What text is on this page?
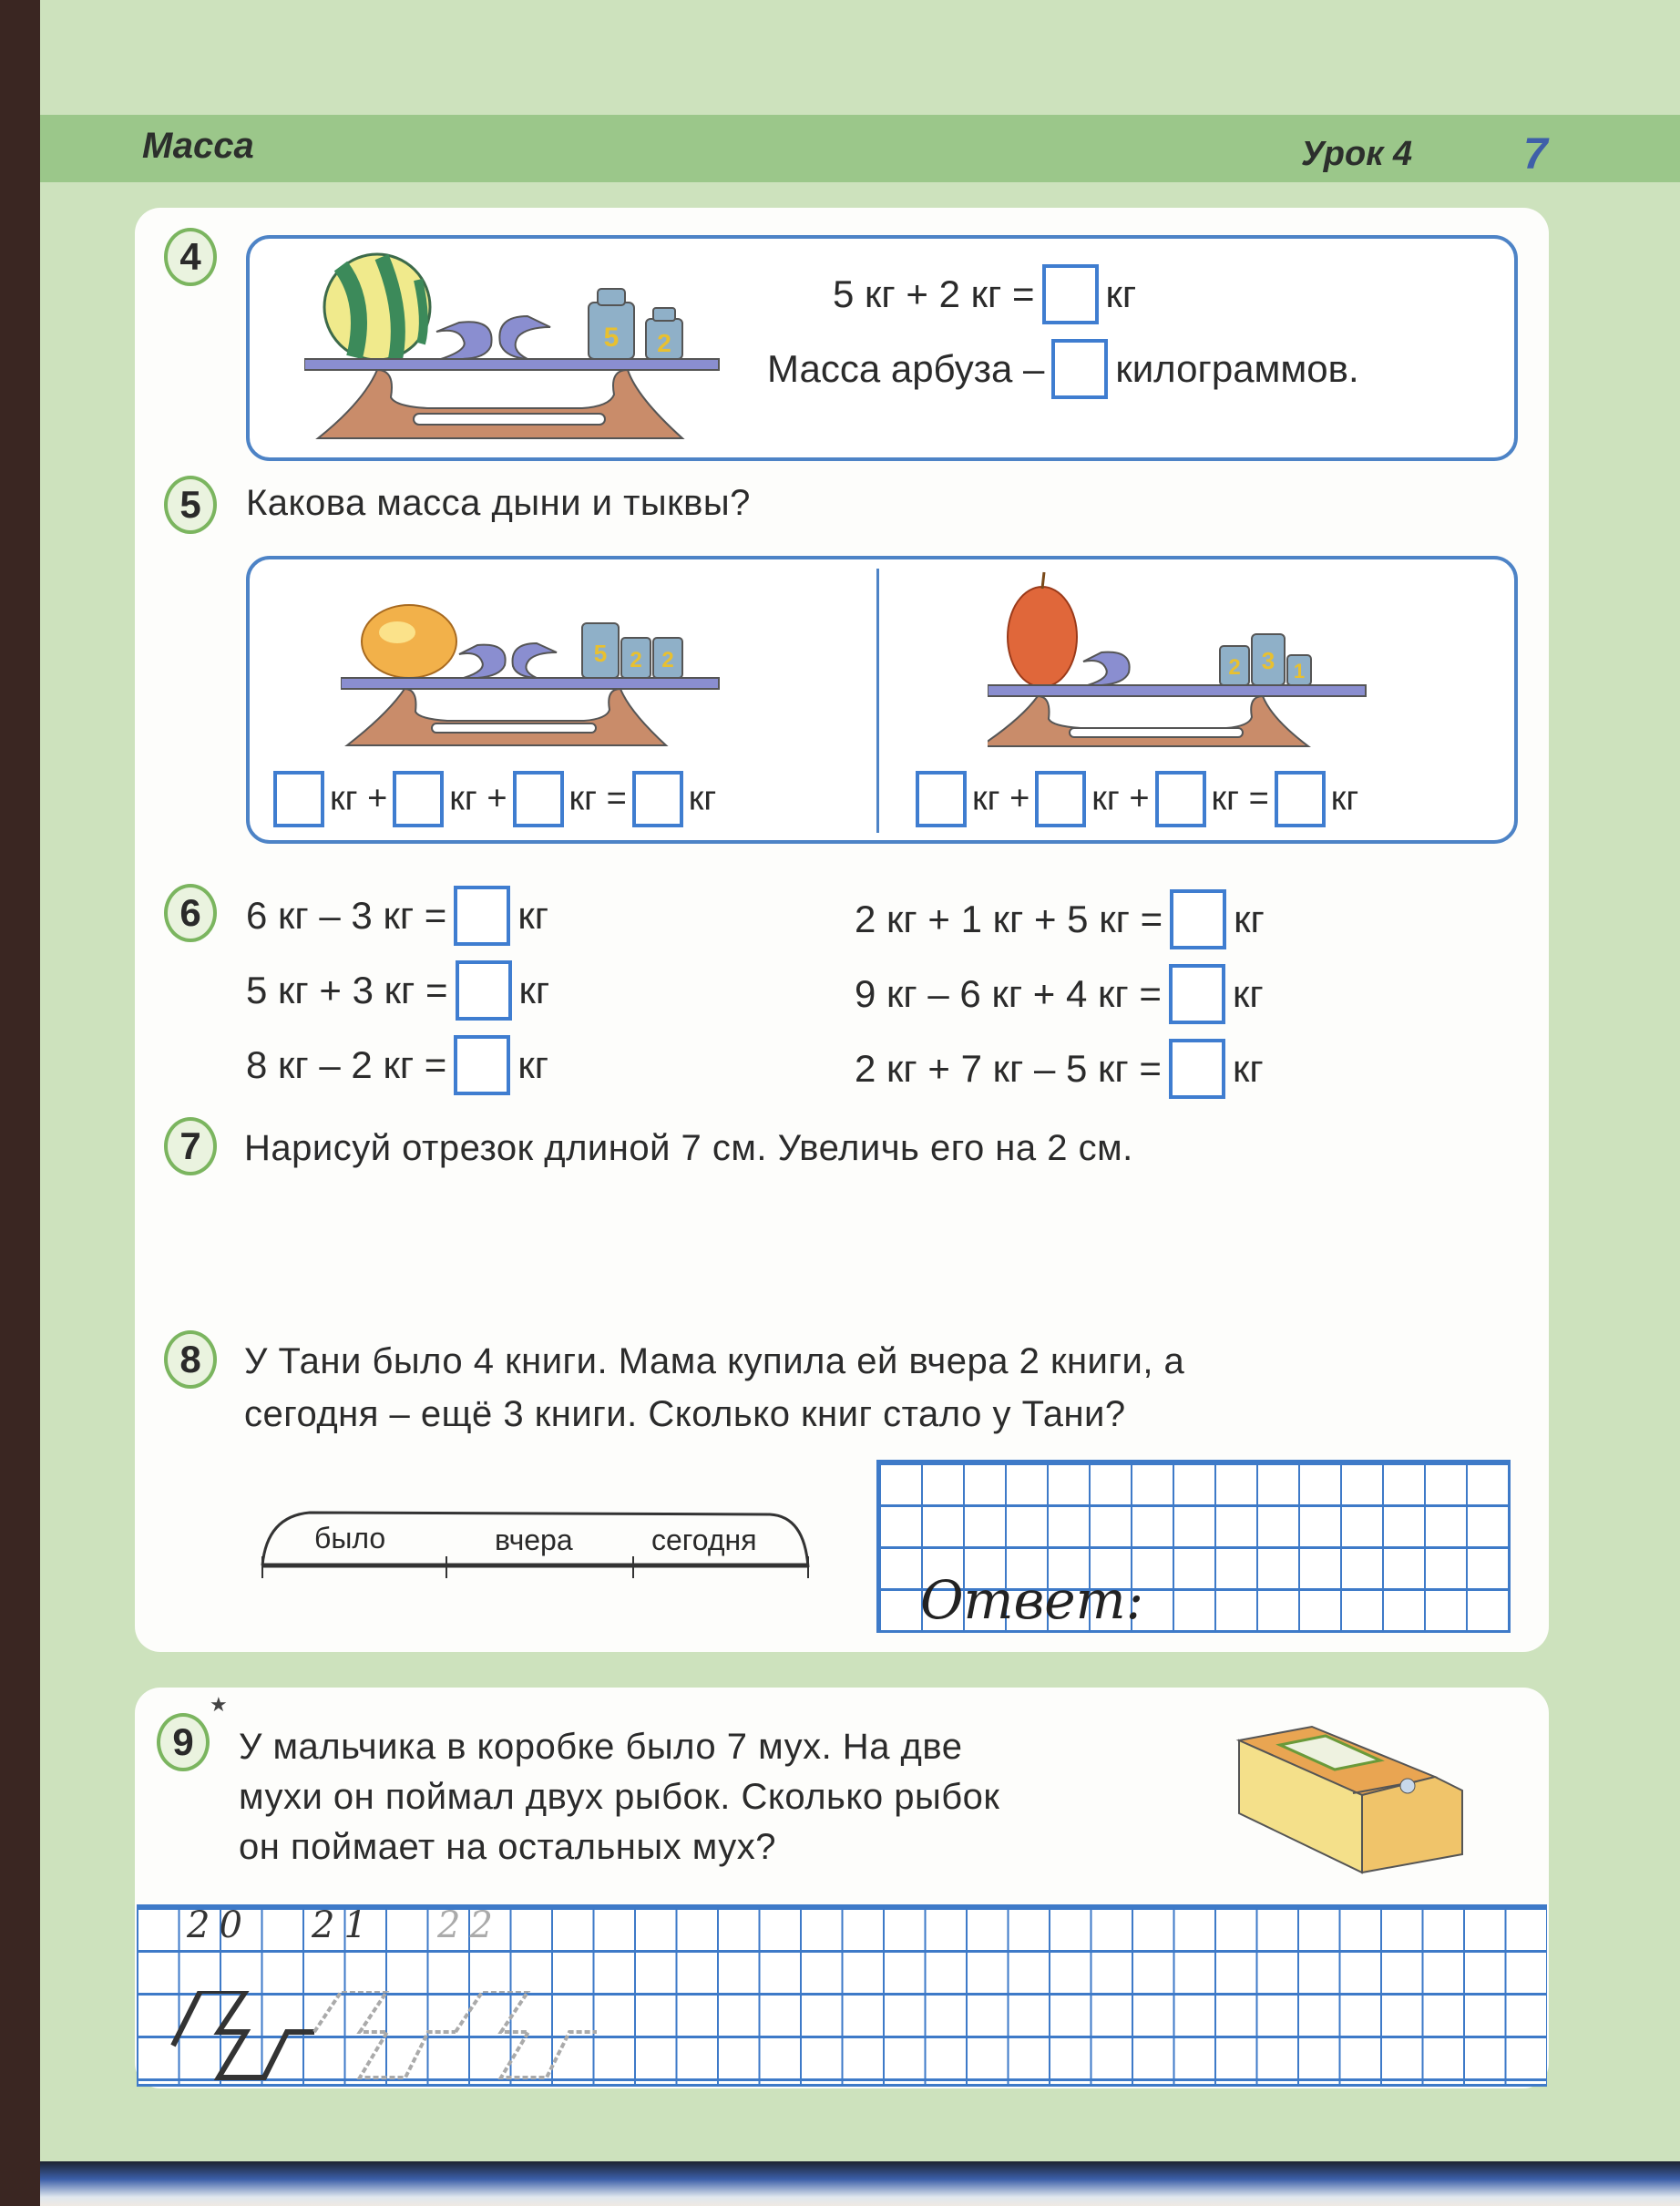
Масса	Урок 4	7
4
5 2
5 кг + 2 кг = кг
Масса арбуза – килограммов.
5	Какова масса дыни и тыквы?
5 2 2	2 3 1
кг + кг + кг = кг	кг + кг + кг = кг
6	6 кг – 3 кг = кг
5 кг + 3 кг = кг
8 кг – 2 кг = кг
2 кг + 1 кг + 5 кг = кг
9 кг – 6 кг + 4 кг = кг
2 кг + 7 кг – 5 кг = кг
7	Нарисуй отрезок длиной 7 см. Увеличь его на 2 см.
8	У Тани было 4 книги. Мама купила ей вчера 2 книги, а
сегодня – ещё 3 книги. Сколько книг стало у Тани?
было	вчера	сегодня
Ответ:
9
★
У мальчика в коробке было 7 мух. На две
мухи он поймал двух рыбок. Сколько рыбок
он поймает на остальных мух?
20 21 22
